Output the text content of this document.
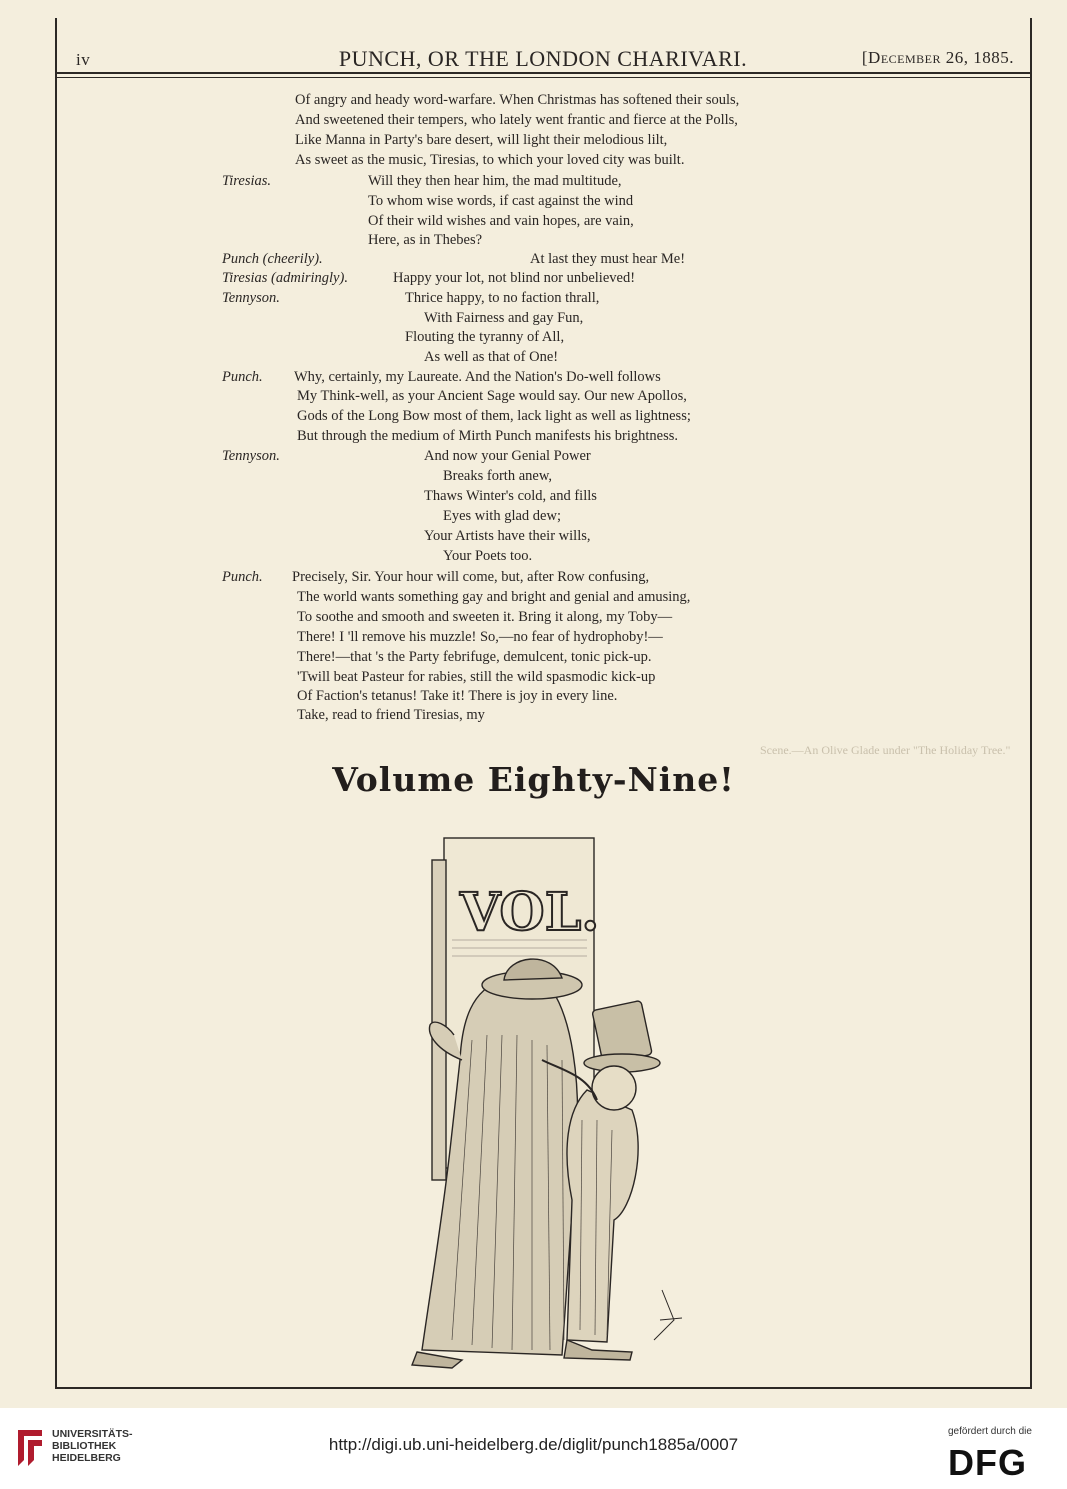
Scene.—An Olive Glade under "The Holiday Tree."
iv	PUNCH, OR THE LONDON CHARIVARI.	[December 26, 1885.
Of angry and heady word-warfare. When Christmas has softened their souls,
And sweetened their tempers, who lately went frantic and fierce at the Polls,
Like Manna in Party's bare desert, will light their melodious lilt,
As sweet as the music, Tiresias, to which your loved city was built.
Tiresias.	Will they then hear him, the mad multitude,
To whom wise words, if cast against the wind
Of their wild wishes and vain hopes, are vain,
Here, as in Thebes?
Punch (cheerily).	At last they must hear Me!
Tiresias (admiringly).	Happy your lot, not blind nor unbelieved!
Tennyson.	Thrice happy, to no faction thrall,
With Fairness and gay Fun,
Flouting the tyranny of All,
As well as that of One!
Punch. Why, certainly, my Laureate. And the Nation's Do-well follows
My Think-well, as your Ancient Sage would say. Our new Apollos,
Gods of the Long Bow most of them, lack light as well as lightness;
But through the medium of Mirth Punch manifests his brightness.
Tennyson.	And now your Genial Power
Breaks forth anew,
Thaws Winter's cold, and fills
Eyes with glad dew;
Your Artists have their wills,
Your Poets too.
Punch. Precisely, Sir. Your hour will come, but, after Row confusing,
The world wants something gay and bright and genial and amusing,
To soothe and smooth and sweeten it. Bring it along, my Toby—
There! I 'll remove his muzzle! So,—no fear of hydrophoby!—
There!—that 's the Party febrifuge, demulcent, tonic pick-up.
'Twill beat Pasteur for rabies, still the wild spasmodic kick-up
Of Faction's tetanus! Take it! There is joy in every line.
Take, read to friend Tiresias, my
Volume Eighty-Nine!
VOL.
UNIVERSITÄTS-
BIBLIOTHEK
HEIDELBERG
http://digi.ub.uni-heidelberg.de/diglit/punch1885a/0007
gefördert durch die
DFG
